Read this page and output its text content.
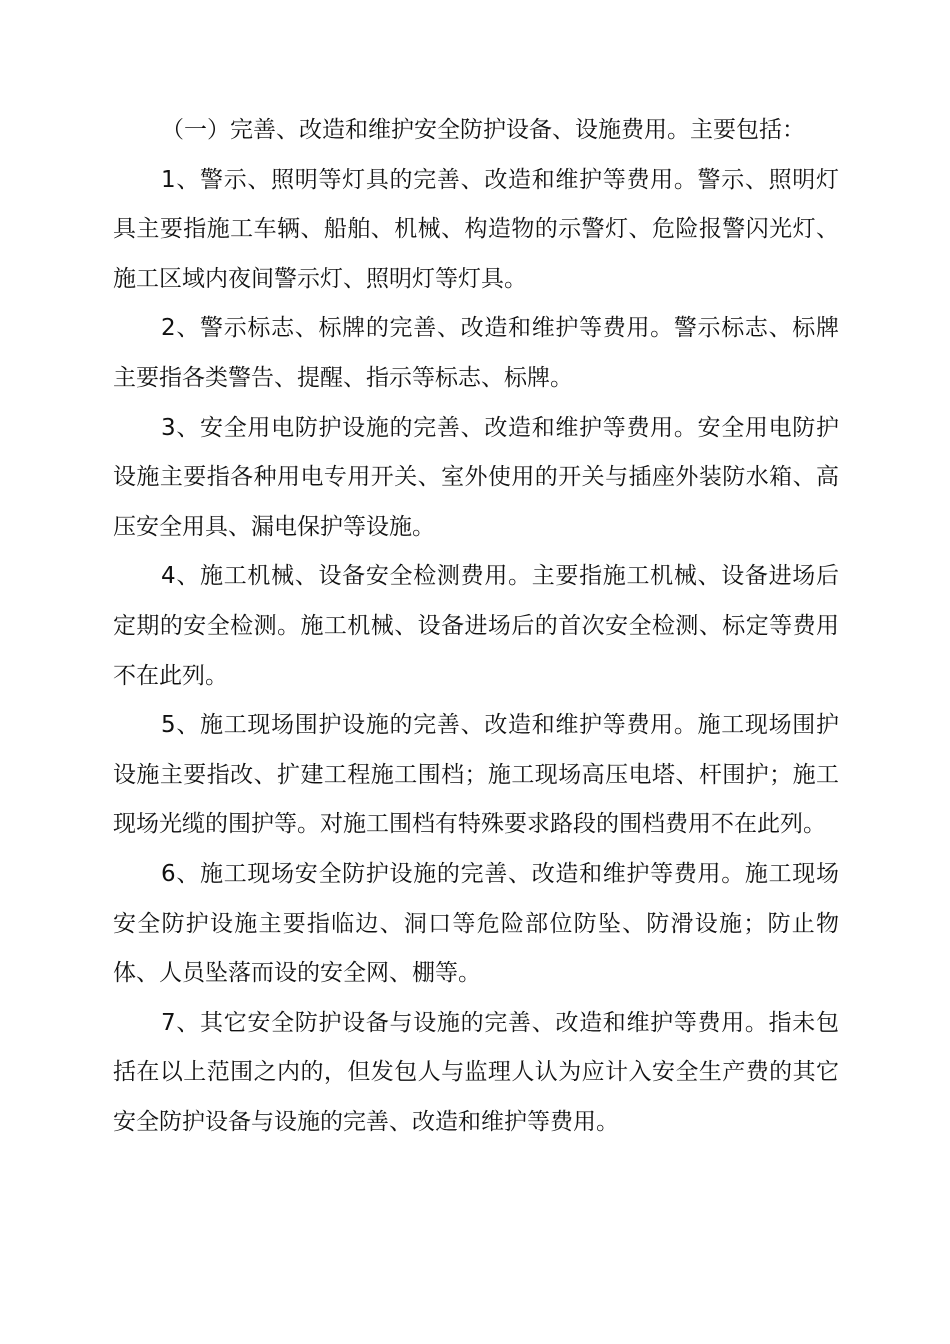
（一）完善、改造和维护安全防护设备、设施费用。主要包括：

1、警示、照明等灯具的完善、改造和维护等费用。警示、照明灯具主要指施工车辆、船舶、机械、构造物的示警灯、危险报警闪光灯、施工区域内夜间警示灯、照明灯等灯具。

2、警示标志、标牌的完善、改造和维护等费用。警示标志、标牌主要指各类警告、提醒、指示等标志、标牌。

3、安全用电防护设施的完善、改造和维护等费用。安全用电防护设施主要指各种用电专用开关、室外使用的开关与插座外装防水箱、高压安全用具、漏电保护等设施。

4、施工机械、设备安全检测费用。主要指施工机械、设备进场后定期的安全检测。施工机械、设备进场后的首次安全检测、标定等费用不在此列。

5、施工现场围护设施的完善、改造和维护等费用。施工现场围护设施主要指改、扩建工程施工围档；施工现场高压电塔、杆围护；施工现场光缆的围护等。对施工围档有特殊要求路段的围档费用不在此列。

6、施工现场安全防护设施的完善、改造和维护等费用。施工现场安全防护设施主要指临边、洞口等危险部位防坠、防滑设施；防止物体、人员坠落而设的安全网、棚等。

7、其它安全防护设备与设施的完善、改造和维护等费用。指未包括在以上范围之内的，但发包人与监理人认为应计入安全生产费的其它安全防护设备与设施的完善、改造和维护等费用。
